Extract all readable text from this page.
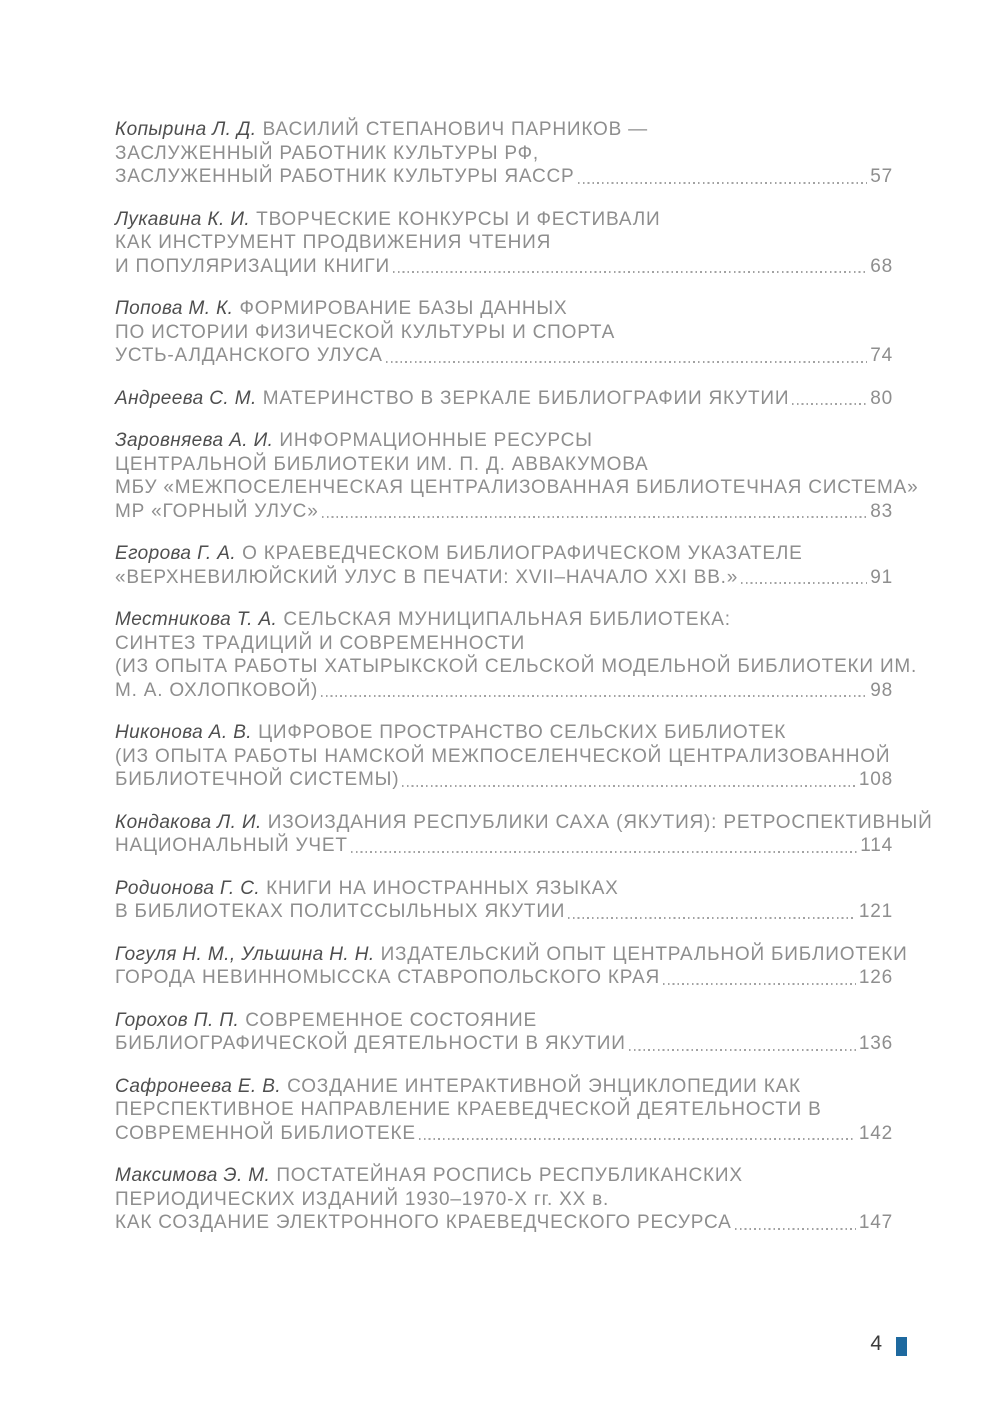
Копырина Л. Д. ВАСИЛИЙ СТЕПАНОВИЧ ПАРНИКОВ —
ЗАСЛУЖЕННЫЙ РАБОТНИК КУЛЬТУРЫ РФ,
ЗАСЛУЖЕННЫЙ РАБОТНИК КУЛЬТУРЫ ЯАССР	57
Лукавина К. И. ТВОРЧЕСКИЕ КОНКУРСЫ И ФЕСТИВАЛИ
КАК ИНСТРУМЕНТ ПРОДВИЖЕНИЯ ЧТЕНИЯ
И ПОПУЛЯРИЗАЦИИ КНИГИ	68
Попова М. К. ФОРМИРОВАНИЕ БАЗЫ ДАННЫХ
ПО ИСТОРИИ ФИЗИЧЕСКОЙ КУЛЬТУРЫ И СПОРТА
УСТЬ-АЛДАНСКОГО УЛУСА	74
Андреева С. М. МАТЕРИНСТВО В ЗЕРКАЛЕ БИБЛИОГРАФИИ ЯКУТИИ	80
Заровняева А. И. ИНФОРМАЦИОННЫЕ РЕСУРСЫ
ЦЕНТРАЛЬНОЙ БИБЛИОТЕКИ ИМ. П. Д. АВВАКУМОВА
МБУ «МЕЖПОСЕЛЕНЧЕСКАЯ ЦЕНТРАЛИЗОВАННАЯ БИБЛИОТЕЧНАЯ СИСТЕМА»
МР «ГОРНЫЙ УЛУС»	83
Егорова Г. А. О КРАЕВЕДЧЕСКОМ БИБЛИОГРАФИЧЕСКОМ УКАЗАТЕЛЕ
«ВЕРХНЕВИЛЮЙСКИЙ УЛУС В ПЕЧАТИ: XVII–НАЧАЛО XXI ВВ.»	91
Местникова Т. А. СЕЛЬСКАЯ МУНИЦИПАЛЬНАЯ БИБЛИОТЕКА:
СИНТЕЗ ТРАДИЦИЙ И СОВРЕМЕННОСТИ
(ИЗ ОПЫТА РАБОТЫ ХАТЫРЫКСКОЙ СЕЛЬСКОЙ МОДЕЛЬНОЙ БИБЛИОТЕКИ ИМ.
М. А. ОХЛОПКОВОЙ)	98
Никонова А. В. ЦИФРОВОЕ ПРОСТРАНСТВО СЕЛЬСКИХ БИБЛИОТЕК
(ИЗ ОПЫТА РАБОТЫ НАМСКОЙ МЕЖПОСЕЛЕНЧЕСКОЙ ЦЕНТРАЛИЗОВАННОЙ
БИБЛИОТЕЧНОЙ СИСТЕМЫ)	108
Кондакова Л. И. ИЗОИЗДАНИЯ РЕСПУБЛИКИ САХА (ЯКУТИЯ): РЕТРОСПЕКТИВНЫЙ
НАЦИОНАЛЬНЫЙ УЧЕТ	114
Родионова Г. С. КНИГИ НА ИНОСТРАННЫХ ЯЗЫКАХ
В БИБЛИОТЕКАХ ПОЛИТССЫЛЬНЫХ ЯКУТИИ	121
Гогуля Н. М., Ульшина Н. Н. ИЗДАТЕЛЬСКИЙ ОПЫТ ЦЕНТРАЛЬНОЙ БИБЛИОТЕКИ
ГОРОДА НЕВИННОМЫССКА СТАВРОПОЛЬСКОГО КРАЯ	126
Горохов П. П. СОВРЕМЕННОЕ СОСТОЯНИЕ
БИБЛИОГРАФИЧЕСКОЙ ДЕЯТЕЛЬНОСТИ В ЯКУТИИ	136
Сафронеева Е. В. СОЗДАНИЕ ИНТЕРАКТИВНОЙ ЭНЦИКЛОПЕДИИ КАК
ПЕРСПЕКТИВНОЕ НАПРАВЛЕНИЕ КРАЕВЕДЧЕСКОЙ ДЕЯТЕЛЬНОСТИ В
СОВРЕМЕННОЙ БИБЛИОТЕКЕ	142
Максимова Э. М. ПОСТАТЕЙНАЯ РОСПИСЬ РЕСПУБЛИКАНСКИХ
ПЕРИОДИЧЕСКИХ ИЗДАНИЙ 1930–1970-Х гг. XX в.
КАК СОЗДАНИЕ ЭЛЕКТРОННОГО КРАЕВЕДЧЕСКОГО РЕСУРСА	147
4
